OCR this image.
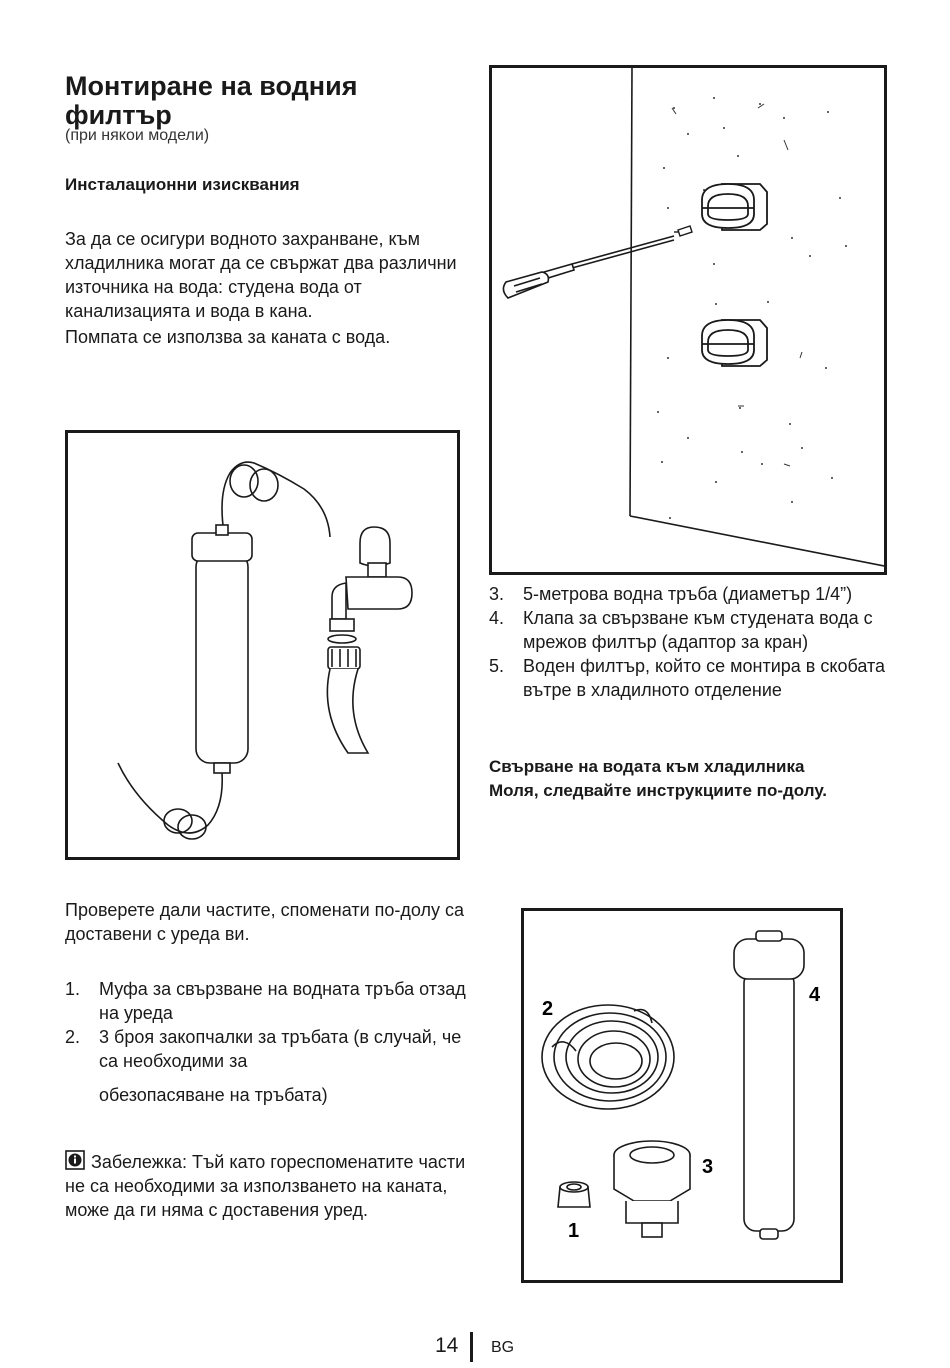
Монтиране на водния филтър
(при някои модели)
Инсталационни изисквания
За да се осигури водното захранване, към хладилника могат да се свържат два различни източника на вода: студена вода от канализацията и вода в кана.
Помпата се използва за каната с вода.
3. 5-метрова водна тръба (диаметър 1/4”)
4. Клапа за свързване към студената вода с мрежов филтър (адаптор за кран)
5. Воден филтър, който се монтира в скобата вътре в хладилното отделение
Свърване на водата към хладилника
Моля, следвайте инструкциите по-долу.
Проверете дали частите, споменати по-долу са доставени с уреда ви.
1. Муфа за свързване на водната тръба отзад на уреда
2. 3 броя закопчалки за тръбата (в случай, че са необходими за
обезопасяване на тръбата)
Забележка: Тъй като гореспоменатите части не са необходими за използването на каната, може да ги няма с доставения уред.
2
4
3
1
14 BG
